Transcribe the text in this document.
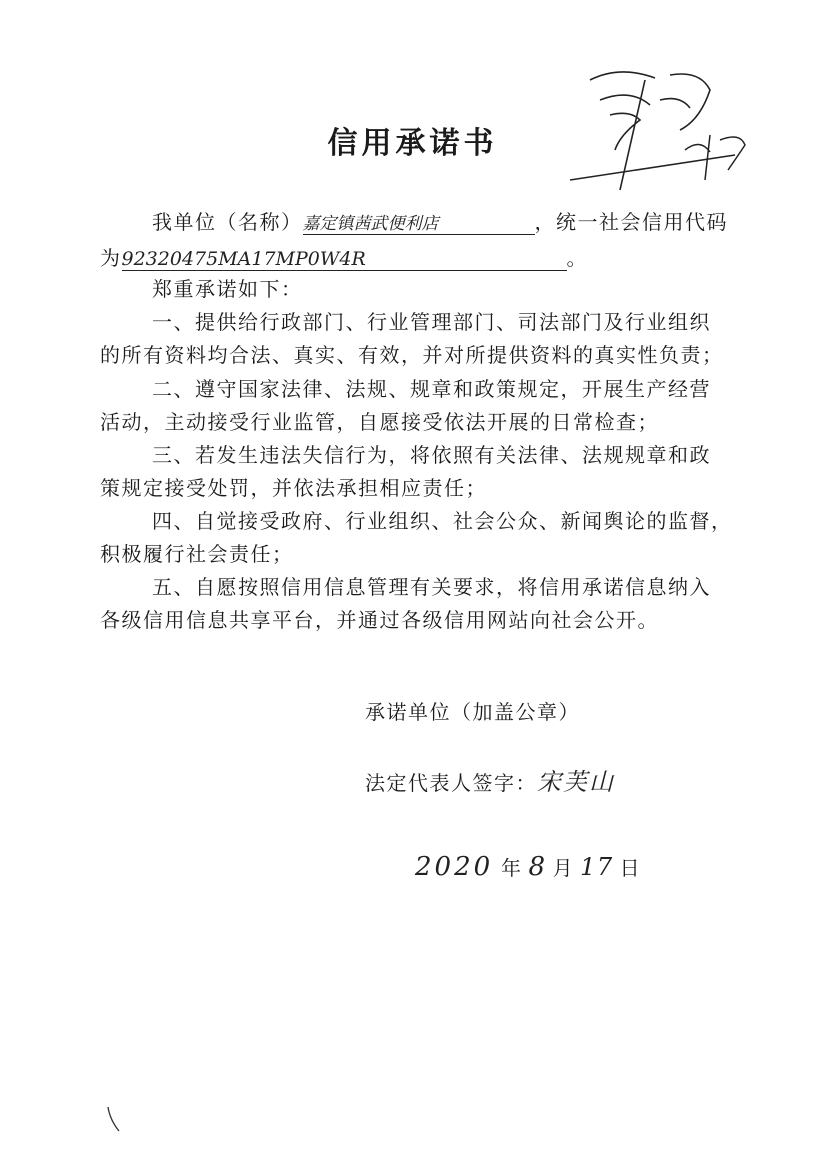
信用承诺书
我单位（名称）嘉定镇茜武便利店	，统一社会信用代码
为92320475MA17MP0W4R	。
郑重承诺如下：
一、提供给行政部门、行业管理部门、司法部门及行业组织
的所有资料均合法、真实、有效，并对所提供资料的真实性负责；
二、遵守国家法律、法规、规章和政策规定，开展生产经营
活动，主动接受行业监管，自愿接受依法开展的日常检查；
三、若发生违法失信行为，将依照有关法律、法规规章和政
策规定接受处罚，并依法承担相应责任；
四、自觉接受政府、行业组织、社会公众、新闻舆论的监督，
积极履行社会责任；
五、自愿按照信用信息管理有关要求，将信用承诺信息纳入
各级信用信息共享平台，并通过各级信用网站向社会公开。
承诺单位（加盖公章）
法定代表人签字：宋芙山
2020 年 8 月 17 日
